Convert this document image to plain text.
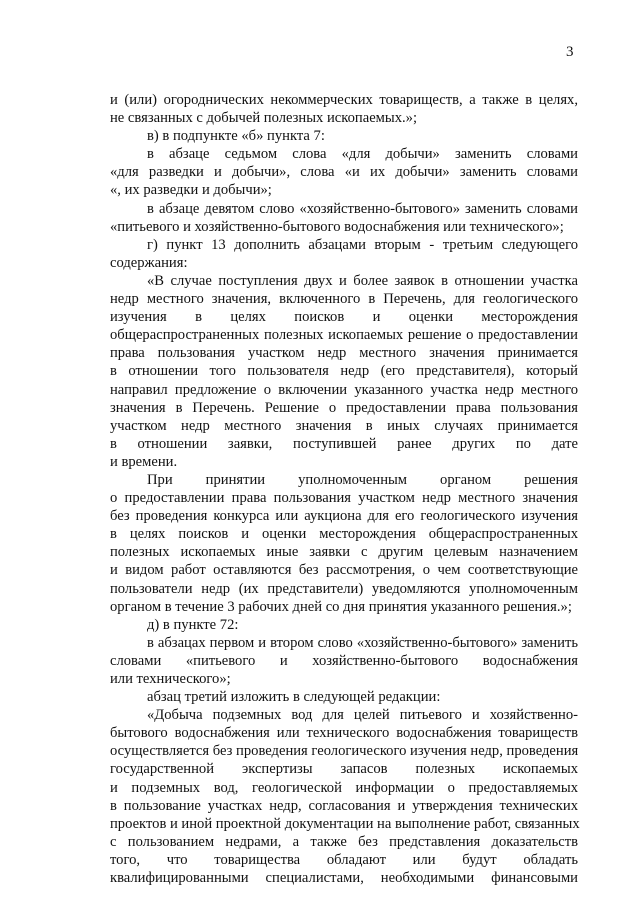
3
и (или) огороднических некоммерческих товариществ, а также в целях,
не связанных с добычей полезных ископаемых.»;
в) в подпункте «б» пункта 7:
в абзаце седьмом слова «для добычи» заменить словами
«для разведки и добычи», слова «и их добычи» заменить словами
«, их разведки и добычи»;
в абзаце девятом слово «хозяйственно-бытового» заменить словами
«питьевого и хозяйственно-бытового водоснабжения или технического»;
г) пункт 13 дополнить абзацами вторым - третьим следующего
содержания:
«В случае поступления двух и более заявок в отношении участка
недр местного значения, включенного в Перечень, для геологического
изучения в целях поисков и оценки месторождения
общераспространенных полезных ископаемых решение о предоставлении
права пользования участком недр местного значения принимается
в отношении того пользователя недр (его представителя), который
направил предложение о включении указанного участка недр местного
значения в Перечень. Решение о предоставлении права пользования
участком недр местного значения в иных случаях принимается
в отношении заявки, поступившей ранее других по дате
и времени.
При принятии уполномоченным органом решения
о предоставлении права пользования участком недр местного значения
без проведения конкурса или аукциона для его геологического изучения
в целях поисков и оценки месторождения общераспространенных
полезных ископаемых иные заявки с другим целевым назначением
и видом работ оставляются без рассмотрения, о чем соответствующие
пользователи недр (их представители) уведомляются уполномоченным
органом в течение 3 рабочих дней со дня принятия указанного решения.»;
д) в пункте 72:
в абзацах первом и втором слово «хозяйственно-бытового» заменить
словами «питьевого и хозяйственно-бытового водоснабжения
или технического»;
абзац третий изложить в следующей редакции:
«Добыча подземных вод для целей питьевого и хозяйственно-
бытового водоснабжения или технического водоснабжения товариществ
осуществляется без проведения геологического изучения недр, проведения
государственной экспертизы запасов полезных ископаемых
и подземных вод, геологической информации о предоставляемых
в пользование участках недр, согласования и утверждения технических
проектов и иной проектной документации на выполнение работ, связанных
с пользованием недрами, а также без представления доказательств
того, что товарищества обладают или будут обладать
квалифицированными специалистами, необходимыми финансовыми
